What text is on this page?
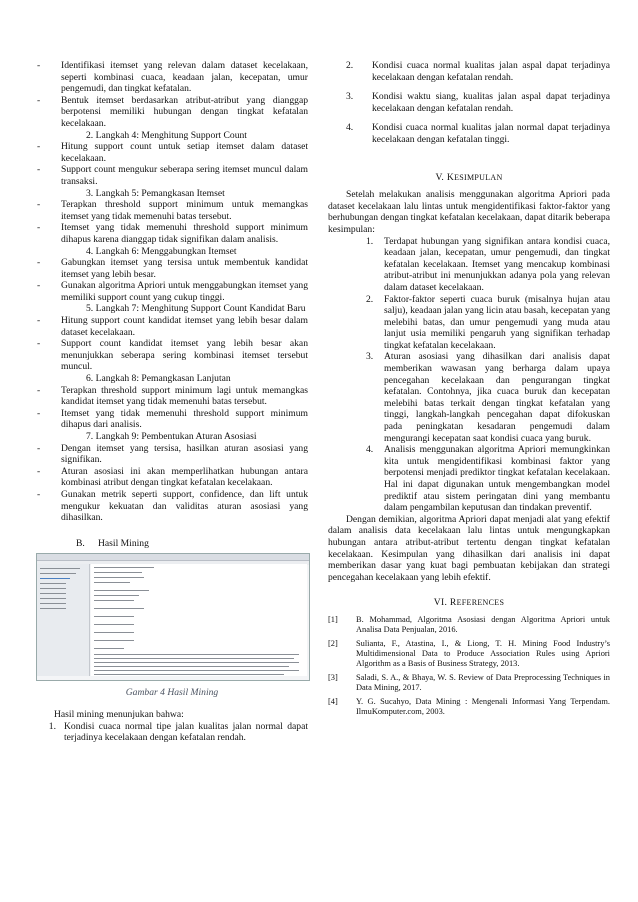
-	Identifikasi itemset yang relevan dalam dataset kecelakaan, seperti kombinasi cuaca, keadaan jalan, kecepatan, umur pengemudi, dan tingkat kefatalan.
-	Bentuk itemset berdasarkan atribut-atribut yang dianggap berpotensi memiliki hubungan dengan tingkat kefatalan kecelakaan.
2. Langkah 4: Menghitung Support Count
-	Hitung support count untuk setiap itemset dalam dataset kecelakaan.
-	Support count mengukur seberapa sering itemset muncul dalam transaksi.
3. Langkah 5: Pemangkasan Itemset
-	Terapkan threshold support minimum untuk memangkas itemset yang tidak memenuhi batas tersebut.
-	Itemset yang tidak memenuhi threshold support minimum dihapus karena dianggap tidak signifikan dalam analisis.
4. Langkah 6: Menggabungkan Itemset
-	Gabungkan itemset yang tersisa untuk membentuk kandidat itemset yang lebih besar.
-	Gunakan algoritma Apriori untuk menggabungkan itemset yang memiliki support count yang cukup tinggi.
5. Langkah 7: Menghitung Support Count Kandidat Baru
-	Hitung support count kandidat itemset yang lebih besar dalam dataset kecelakaan.
-	Support count kandidat itemset yang lebih besar akan menunjukkan seberapa sering kombinasi itemset tersebut muncul.
6. Langkah 8: Pemangkasan Lanjutan
-	Terapkan threshold support minimum lagi untuk memangkas kandidat itemset yang tidak memenuhi batas tersebut.
-	Itemset yang tidak memenuhi threshold support minimum dihapus dari analisis.
7. Langkah 9: Pembentukan Aturan Asosiasi
-	Dengan itemset yang tersisa, hasilkan aturan asosiasi yang signifikan.
-	Aturan asosiasi ini akan memperlihatkan hubungan antara kombinasi atribut dengan tingkat kefatalan kecelakaan.
-	Gunakan metrik seperti support, confidence, dan lift untuk mengukur kekuatan dan validitas aturan asosiasi yang dihasilkan.
B. Hasil Mining
Gambar 4 Hasil Mining
Hasil mining menunjukan bahwa:
1. Kondisi cuaca normal tipe jalan kualitas jalan normal dapat terjadinya kecelakaan dengan kefatalan rendah.
2.	Kondisi cuaca normal kualitas jalan aspal dapat terjadinya kecelakaan dengan kefatalan rendah.
3.	Kondisi waktu siang, kualitas jalan aspal dapat terjadinya kecelakaan dengan kefatalan rendah.
4.	Kondisi cuaca normal kualitas jalan normal dapat terjadinya kecelakaan dengan kefatalan tinggi.
V. KESIMPULAN
Setelah melakukan analisis menggunakan algoritma Apriori pada dataset kecelakaan lalu lintas untuk mengidentifikasi faktor-faktor yang berhubungan dengan tingkat kefatalan kecelakaan, dapat ditarik beberapa kesimpulan:
1.	Terdapat hubungan yang signifikan antara kondisi cuaca, keadaan jalan, kecepatan, umur pengemudi, dan tingkat kefatalan kecelakaan. Itemset yang mencakup kombinasi atribut-atribut ini menunjukkan adanya pola yang relevan dalam dataset kecelakaan.
2.	Faktor-faktor seperti cuaca buruk (misalnya hujan atau salju), keadaan jalan yang licin atau basah, kecepatan yang melebihi batas, dan umur pengemudi yang muda atau lanjut usia memiliki pengaruh yang signifikan terhadap tingkat kefatalan kecelakaan.
3.	Aturan asosiasi yang dihasilkan dari analisis dapat memberikan wawasan yang berharga dalam upaya pencegahan kecelakaan dan pengurangan tingkat kefatalan. Contohnya, jika cuaca buruk dan kecepatan melebihi batas terkait dengan tingkat kefatalan yang tinggi, langkah-langkah pencegahan dapat difokuskan pada peningkatan kesadaran pengemudi dalam mengurangi kecepatan saat kondisi cuaca yang buruk.
4.	Analisis menggunakan algoritma Apriori memungkinkan kita untuk mengidentifikasi kombinasi faktor yang berpotensi menjadi prediktor tingkat kefatalan kecelakaan. Hal ini dapat digunakan untuk mengembangkan model prediktif atau sistem peringatan dini yang membantu dalam pengambilan keputusan dan tindakan preventif.
Dengan demikian, algoritma Apriori dapat menjadi alat yang efektif dalam analisis data kecelakaan lalu lintas untuk mengungkapkan hubungan antara atribut-atribut tertentu dengan tingkat kefatalan kecelakaan. Kesimpulan yang dihasilkan dari analisis ini dapat memberikan dasar yang kuat bagi pembuatan kebijakan dan strategi pencegahan kecelakaan yang lebih efektif.
VI. REFERENCES
[1]	B. Mohammad, Algoritma Asosiasi dengan Algoritma Apriori untuk Analisa Data Penjualan, 2016.
[2]	Sulianta, F., Atastina, I., & Liong, T. H. Mining Food Industry’s Multidimensional Data to Produce Association Rules using Apriori Algorithm as a Basis of Business Strategy, 2013.
[3]	Saladi, S. A., & Bhaya, W. S. Review of Data Preprocessing Techniques in Data Mining, 2017.
[4]	Y. G. Sucahyo, Data Mining : Mengenali Informasi Yang Terpendam. IlmuKomputer.com, 2003.
